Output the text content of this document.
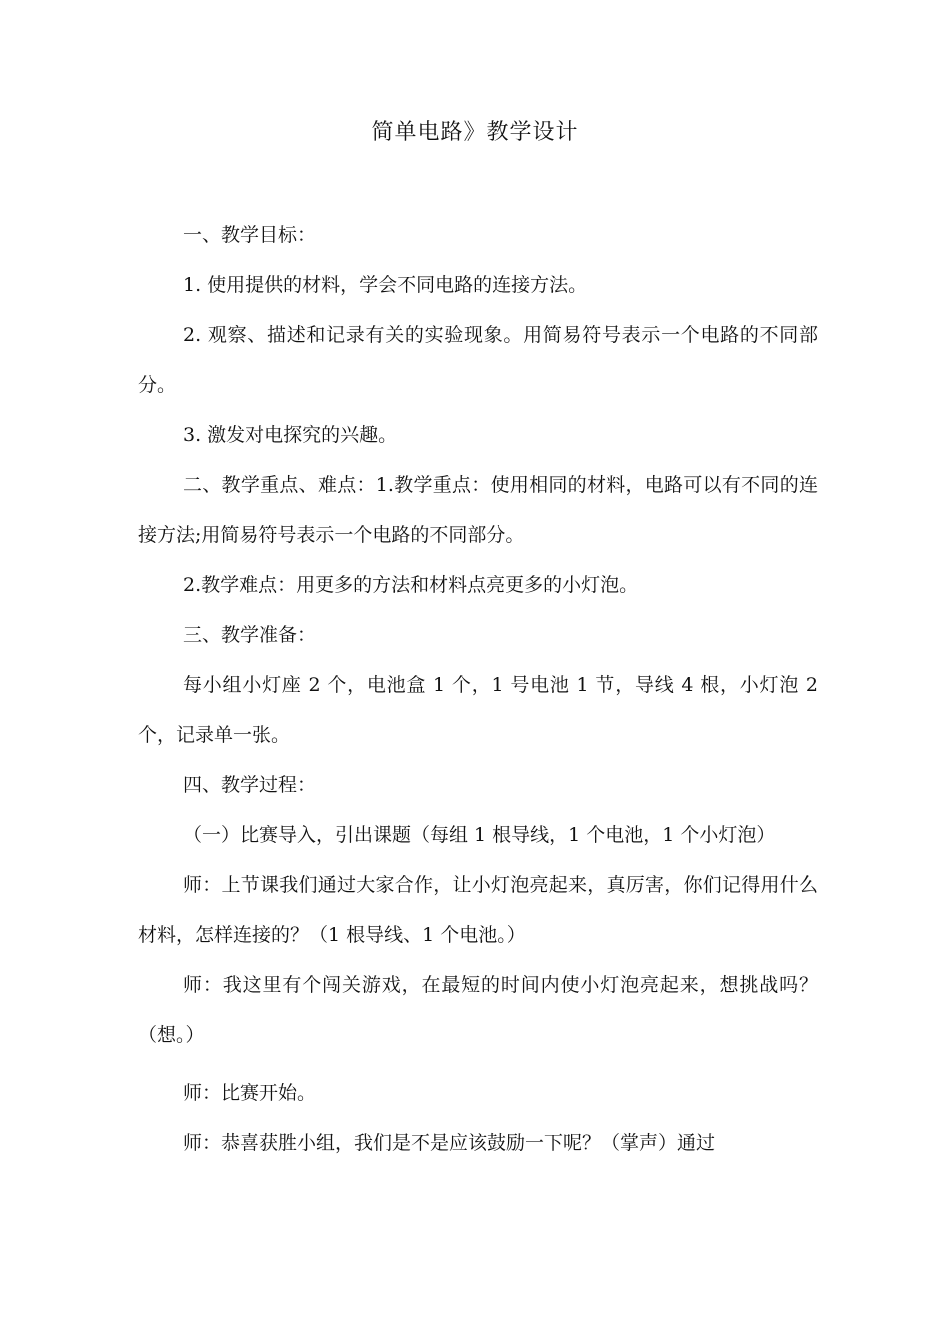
简单电路》教学设计

一、教学目标：

1. 使用提供的材料，学会不同电路的连接方法。

2. 观察、描述和记录有关的实验现象。用简易符号表示一个电路的不同部分。

3. 激发对电探究的兴趣。

二、教学重点、难点：1.教学重点：使用相同的材料，电路可以有不同的连接方法;用简易符号表示一个电路的不同部分。

2.教学难点：用更多的方法和材料点亮更多的小灯泡。

三、教学准备：

每小组小灯座 2 个，电池盒 1 个，1 号电池 1 节，导线 4 根，小灯泡 2 个，记录单一张。

四、教学过程：

（一）比赛导入，引出课题（每组 1 根导线，1 个电池，1 个小灯泡）

师：上节课我们通过大家合作，让小灯泡亮起来，真厉害，你们记得用什么材料，怎样连接的？（1 根导线、1 个电池。）

师：我这里有个闯关游戏，在最短的时间内使小灯泡亮起来，想挑战吗？（想。）

师：比赛开始。

师：恭喜获胜小组，我们是不是应该鼓励一下呢？（掌声）通过
